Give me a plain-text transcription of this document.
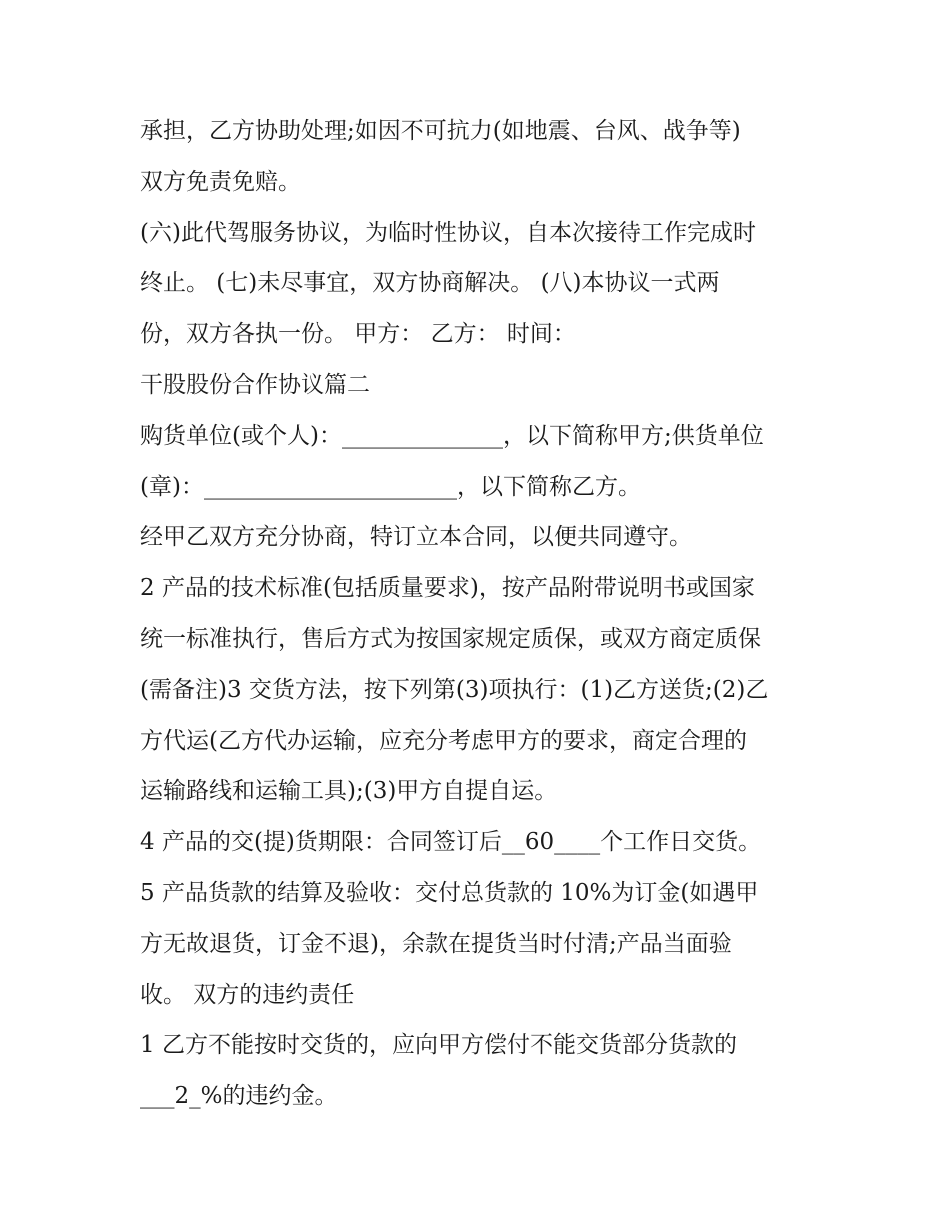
承担，乙方协助处理;如因不可抗力(如地震、台风、战争等)
双方免责免赔。
(六)此代驾服务协议，为临时性协议，自本次接待工作完成时
终止。 (七)未尽事宜，双方协商解决。 (八)本协议一式两
份，双方各执一份。 甲方： 乙方： 时间：
干股股份合作协议篇二
购货单位(或个人)：______________，以下简称甲方;供货单位
(章)：______________________，以下简称乙方。
经甲乙双方充分协商，特订立本合同，以便共同遵守。
2 产品的技术标准(包括质量要求)，按产品附带说明书或国家
统一标准执行，售后方式为按国家规定质保，或双方商定质保
(需备注)3 交货方法，按下列第(3)项执行：(1)乙方送货;(2)乙
方代运(乙方代办运输，应充分考虑甲方的要求，商定合理的
运输路线和运输工具);(3)甲方自提自运。
4 产品的交(提)货期限：合同签订后__60____个工作日交货。
5 产品货款的结算及验收：交付总货款的 10%为订金(如遇甲
方无故退货，订金不退)，余款在提货当时付清;产品当面验
收。 双方的违约责任
1 乙方不能按时交货的，应向甲方偿付不能交货部分货款的
___2_%的违约金。
